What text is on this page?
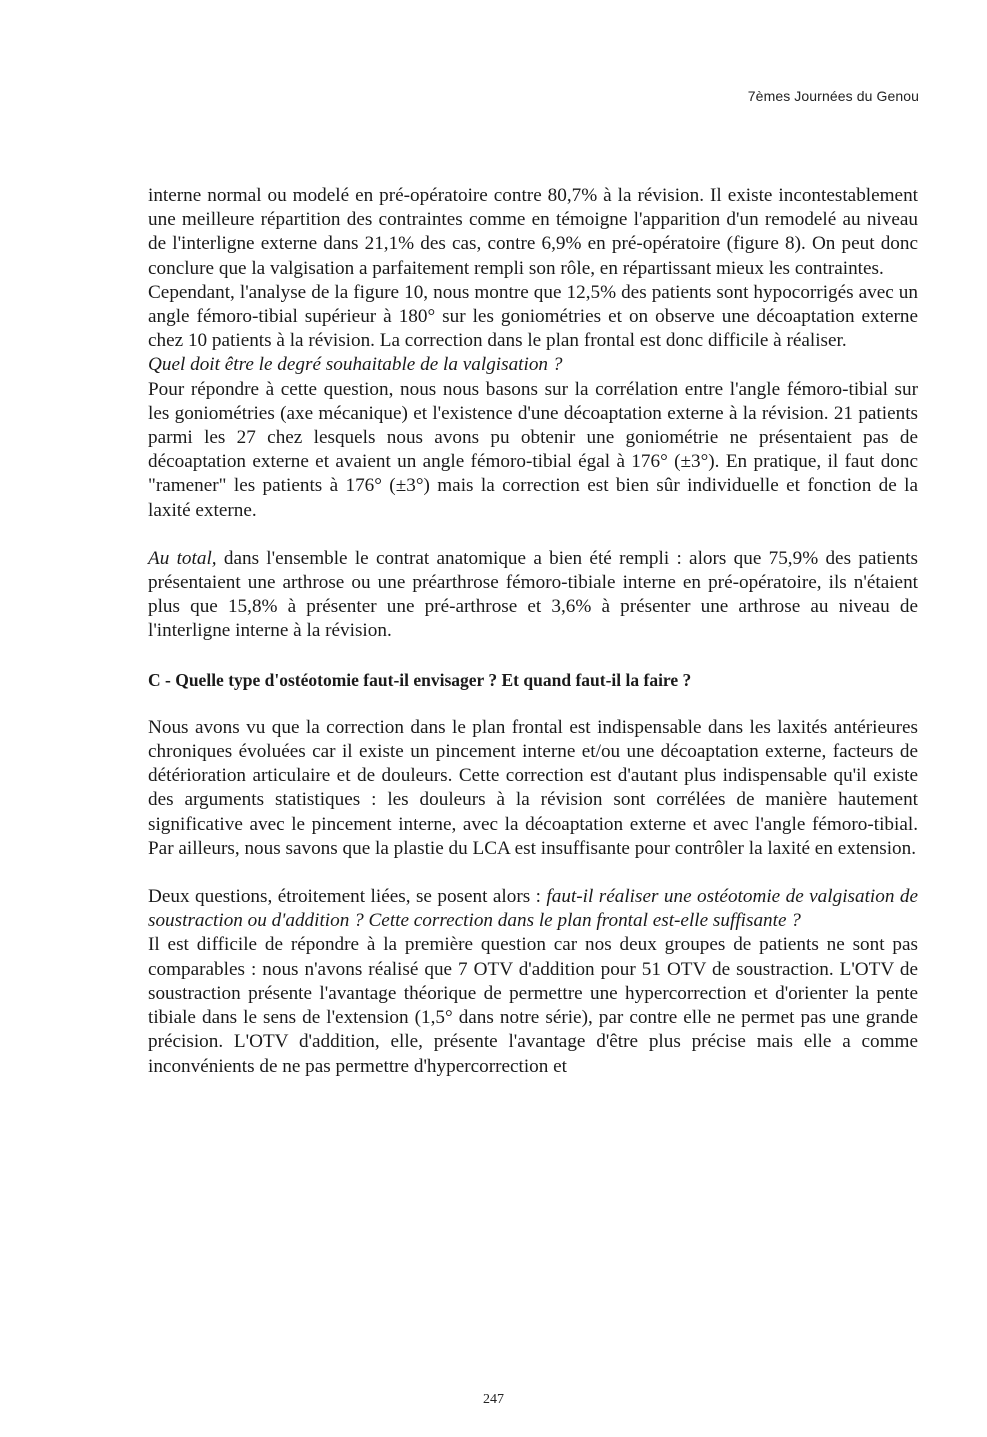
7èmes Journées du Genou

interne normal ou modelé en pré-opératoire contre 80,7% à la révision. Il existe incontestablement une meilleure répartition des contraintes comme en témoigne l'apparition d'un remodelé au niveau de l'interligne externe dans 21,1% des cas, contre 6,9% en pré-opératoire (figure 8). On peut donc conclure que la valgisation a parfaitement rempli son rôle, en répartissant mieux les contraintes.

Cependant, l'analyse de la figure 10, nous montre que 12,5% des patients sont hypocorrigés avec un angle fémoro-tibial supérieur à 180° sur les goniométries et on observe une décoaptation externe chez 10 patients à la révision. La correction dans le plan frontal est donc difficile à réaliser.

Quel doit être le degré souhaitable de la valgisation ?

Pour répondre à cette question, nous nous basons sur la corrélation entre l'angle fémoro-tibial sur les goniométries (axe mécanique) et l'existence d'une décoaptation externe à la révision. 21 patients parmi les 27 chez lesquels nous avons pu obtenir une goniométrie ne présentaient pas de décoaptation externe et avaient un angle fémoro-tibial égal à 176° (±3°). En pratique, il faut donc "ramener" les patients à 176° (±3°) mais la correction est bien sûr individuelle et fonction de la laxité externe.

Au total, dans l'ensemble le contrat anatomique a bien été rempli : alors que 75,9% des patients présentaient une arthrose ou une préarthrose fémoro-tibiale interne en pré-opératoire, ils n'étaient plus que 15,8% à présenter une pré-arthrose et 3,6% à présenter une arthrose au niveau de l'interligne interne à la révision.

C - Quelle type d'ostéotomie faut-il envisager ? Et quand faut-il la faire ?

Nous avons vu que la correction dans le plan frontal est indispensable dans les laxités antérieures chroniques évoluées car il existe un pincement interne et/ou une décoaptation externe, facteurs de détérioration articulaire et de douleurs. Cette correction est d'autant plus indispensable qu'il existe des arguments statistiques : les douleurs à la révision sont corrélées de manière hautement significative avec le pincement interne, avec la décoaptation externe et avec l'angle fémoro-tibial. Par ailleurs, nous savons que la plastie du LCA est insuffisante pour contrôler la laxité en extension.

Deux questions, étroitement liées, se posent alors : faut-il réaliser une ostéotomie de valgisation de soustraction ou d'addition ? Cette correction dans le plan frontal est-elle suffisante ?

Il est difficile de répondre à la première question car nos deux groupes de patients ne sont pas comparables : nous n'avons réalisé que 7 OTV d'addition pour 51 OTV de soustraction. L'OTV de soustraction présente l'avantage théorique de permettre une hypercorrection et d'orienter la pente tibiale dans le sens de l'extension (1,5° dans notre série), par contre elle ne permet pas une grande précision. L'OTV d'addition, elle, présente l'avantage d'être plus précise mais elle a comme inconvénients de ne pas permettre d'hypercorrection et

247
